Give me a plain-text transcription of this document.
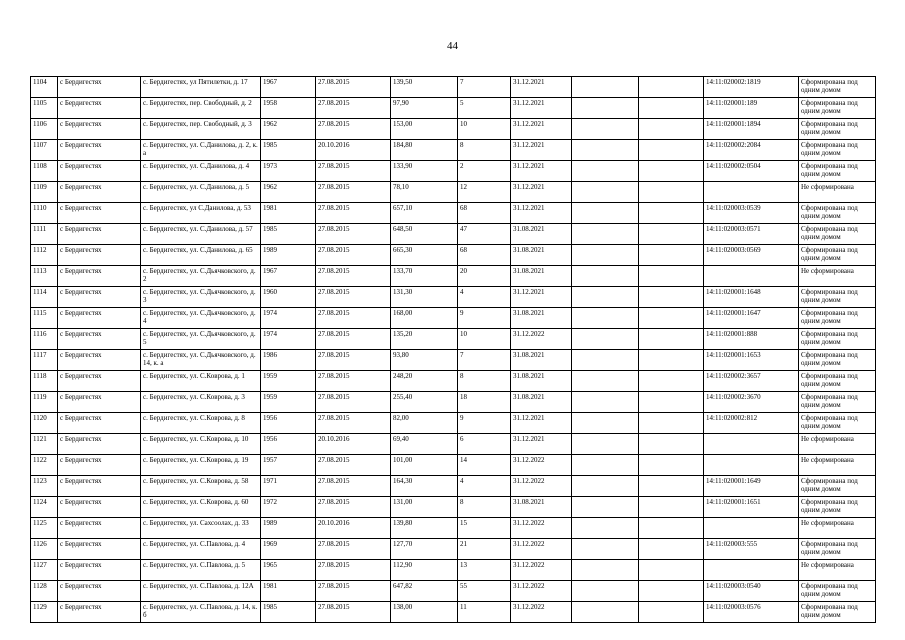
44
1104	с Бердигестях	с. Бердигестях, ул Пятилетки, д. 17	1967	27.08.2015	139,50	7	31.12.2021			14:11:020002:1819	Сформирована под одним домом
1105	с Бердигестях	с. Бердигестях, пер. Свободный, д. 2	1958	27.08.2015	97,90	5	31.12.2021			14:11:020001:189	Сформирована под одним домом
1106	с Бердигестях	с. Бердигестях, пер. Свободный, д. 3	1962	27.08.2015	153,00	10	31.12.2021			14:11:020001:1894	Сформирована под одним домом
1107	с Бердигестях	с. Бердигестях, ул. С.Данилова, д. 2, к. а	1985	20.10.2016	184,80	8	31.12.2021			14:11:020002:2084	Сформирована под одним домом
1108	с Бердигестях	с. Бердигестях, ул. С.Данилова, д. 4	1973	27.08.2015	133,90	2	31.12.2021			14:11:020002:0504	Сформирована под одним домом
1109	с Бердигестях	с. Бердигестях, ул. С.Данилова, д. 5	1962	27.08.2015	78,10	12	31.12.2021				Не сформирована
1110	с Бердигестях	с. Бердигестях, ул С.Данилова, д. 53	1981	27.08.2015	657,10	68	31.12.2021			14:11:020003:0539	Сформирована под одним домом
1111	с Бердигестях	с. Бердигестях, ул. С.Данилова, д. 57	1985	27.08.2015	648,50	47	31.08.2021			14:11:020003:0571	Сформирована под одним домом
1112	с Бердигестях	с. Бердигестях, ул. С.Данилова, д. 65	1989	27.08.2015	665,30	68	31.08.2021			14:11:020003:0569	Сформирована под одним домом
1113	с Бердигестях	с. Бердигестях, ул. С.Дьячковского, д. 2	1967	27.08.2015	133,70	20	31.08.2021				Не сформирована
1114	с Бердигестях	с. Бердигестях, ул. С.Дьячковского, д. 3	1960	27.08.2015	131,30	4	31.12.2021			14:11:020001:1648	Сформирована под одним домом
1115	с Бердигестях	с. Бердигестях, ул. С.Дьячковского, д. 4	1974	27.08.2015	168,00	9	31.08.2021			14:11:020001:1647	Сформирована под одним домом
1116	с Бердигестях	с. Бердигестях, ул. С.Дьячковского, д. 5	1974	27.08.2015	135,20	10	31.12.2022			14:11:020001:888	Сформирована под одним домом
1117	с Бердигестях	с. Бердигестях, ул. С.Дьячковского, д. 14, к. а	1986	27.08.2015	93,80	7	31.08.2021			14:11:020001:1653	Сформирована под одним домом
1118	с Бердигестях	с. Бердигестях, ул. С.Коврова, д. 1	1959	27.08.2015	248,20	8	31.08.2021			14:11:020002:3657	Сформирована под одним домом
1119	с Бердигестях	с. Бердигестях, ул. С.Коврова, д. 3	1959	27.08.2015	255,40	18	31.08.2021			14:11:020002:3670	Сформирована под одним домом
1120	с Бердигестях	с. Бердигестях, ул. С.Коврова, д. 8	1956	27.08.2015	82,00	9	31.12.2021			14:11:020002:812	Сформирована под одним домом
1121	с Бердигестях	с. Бердигестях, ул. С.Коврова, д. 10	1956	20.10.2016	69,40	6	31.12.2021				Не сформирована
1122	с Бердигестях	с. Бердигестях, ул. С.Коврова, д. 19	1957	27.08.2015	101,00	14	31.12.2022				Не сформирована
1123	с Бердигестях	с. Бердигестях, ул. С.Коврова, д. 58	1971	27.08.2015	164,30	4	31.12.2022			14:11:020001:1649	Сформирована под одним домом
1124	с Бердигестях	с. Бердигестях, ул. С.Коврова, д. 60	1972	27.08.2015	131,00	8	31.08.2021			14:11:020001:1651	Сформирована под одним домом
1125	с Бердигестях	с. Бердигестях, ул. Сахсоолах, д. 33	1989	20.10.2016	139,80	15	31.12.2022				Не сформирована
1126	с Бердигестях	с. Бердигестях, ул. С.Павлова, д. 4	1969	27.08.2015	127,70	21	31.12.2022			14:11:020003:555	Сформирована под одним домом
1127	с Бердигестях	с. Бердигестях, ул. С.Павлова, д. 5	1965	27.08.2015	112,90	13	31.12.2022				Не сформирована
1128	с Бердигестях	с. Бердигестях, ул. С.Павлова, д. 12А	1981	27.08.2015	647,82	55	31.12.2022			14:11:020003:0540	Сформирована под одним домом
1129	с Бердигестях	с. Бердигестях, ул. С.Павлова, д. 14, к. б	1985	27.08.2015	138,00	11	31.12.2022			14:11:020003:0576	Сформирована под одним домом
